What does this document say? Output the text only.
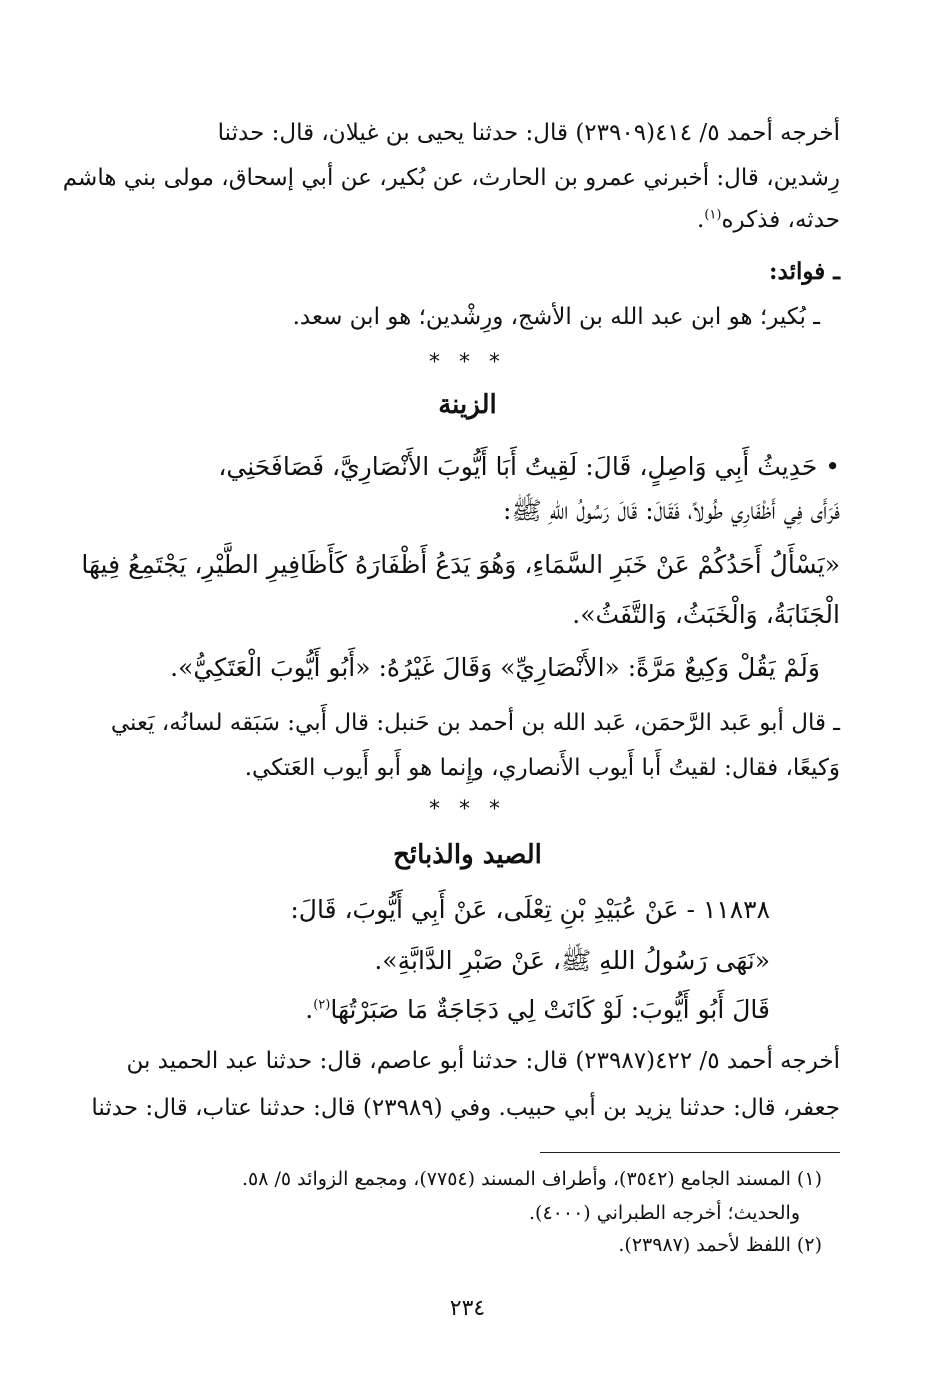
أخرجه أحمد ٥/ ٤١٤(٢٣٩٠٩) قال: حدثنا يحيى بن غيلان، قال: حدثنا
رِشدين، قال: أخبرني عمرو بن الحارث، عن بُكير، عن أبي إسحاق، مولى بني هاشم
حدثه، فذكره$^{(١)}$.
ـ فوائد:
ـ بُكير؛ هو ابن عبد الله بن الأشج، ورِشْدين؛ هو ابن سعد.
* * *
الزينة
• حَدِيثُ أَبِي وَاصِلٍ، قَالَ: لَقِيتُ أَبَا أَيُّوبَ الأَنْصَارِيَّ، فَصَافَحَنِي،
فَرَأَى فِي أَظْفَارِي طُولاً، فَقَالَ: قَالَ رَسُولُ اللهِ ﷺ:
«يَسْأَلُ أَحَدُكُمْ عَنْ خَبَرِ السَّمَاءِ، وَهُوَ يَدَعُ أَظْفَارَهُ كَأَظَافِيرِ الطَّيْرِ، يَجْتَمِعُ فِيهَا
الْجَنَابَةُ، وَالْخَبَثُ، وَالتَّفَثُ».
وَلَمْ يَقُلْ وَكِيعٌ مَرَّةً: «الأَنْصَارِيِّ» وَقَالَ غَيْرُهُ: «أَبُو أَيُّوبَ الْعَتَكِيُّ».
ـ قال أبو عَبد الرَّحمَن، عَبد الله بن أحمد بن حَنبل: قال أَبي: سَبَقه لسانُه، يَعني
وَكيعًا، فقال: لقيتُ أَبا أَيوب الأَنصاري، وإِنما هو أَبو أَيوب العَتكي.
* * *
الصيد والذبائح
١١٨٣٨ - عَنْ عُبَيْدِ بْنِ تِعْلَى، عَنْ أَبِي أَيُّوبَ، قَالَ:
«نَهَى رَسُولُ اللهِ ﷺ، عَنْ صَبْرِ الدَّابَّةِ».
قَالَ أَبُو أَيُّوبَ: لَوْ كَانَتْ لِي دَجَاجَةٌ مَا صَبَرْتُهَا$^{(٢)}$.
أخرجه أحمد ٥/ ٤٢٢(٢٣٩٨٧) قال: حدثنا أبو عاصم، قال: حدثنا عبد الحميد بن
جعفر، قال: حدثنا يزيد بن أبي حبيب. وفي (٢٣٩٨٩) قال: حدثنا عتاب، قال: حدثنا
(١) المسند الجامع (٣٥٤٢)، وأطراف المسند (٧٧٥٤)، ومجمع الزوائد ٥/ ٥٨.
والحديث؛ أخرجه الطبراني (٤٠٠٠).
(٢) اللفظ لأحمد (٢٣٩٨٧).
٢٣٤
